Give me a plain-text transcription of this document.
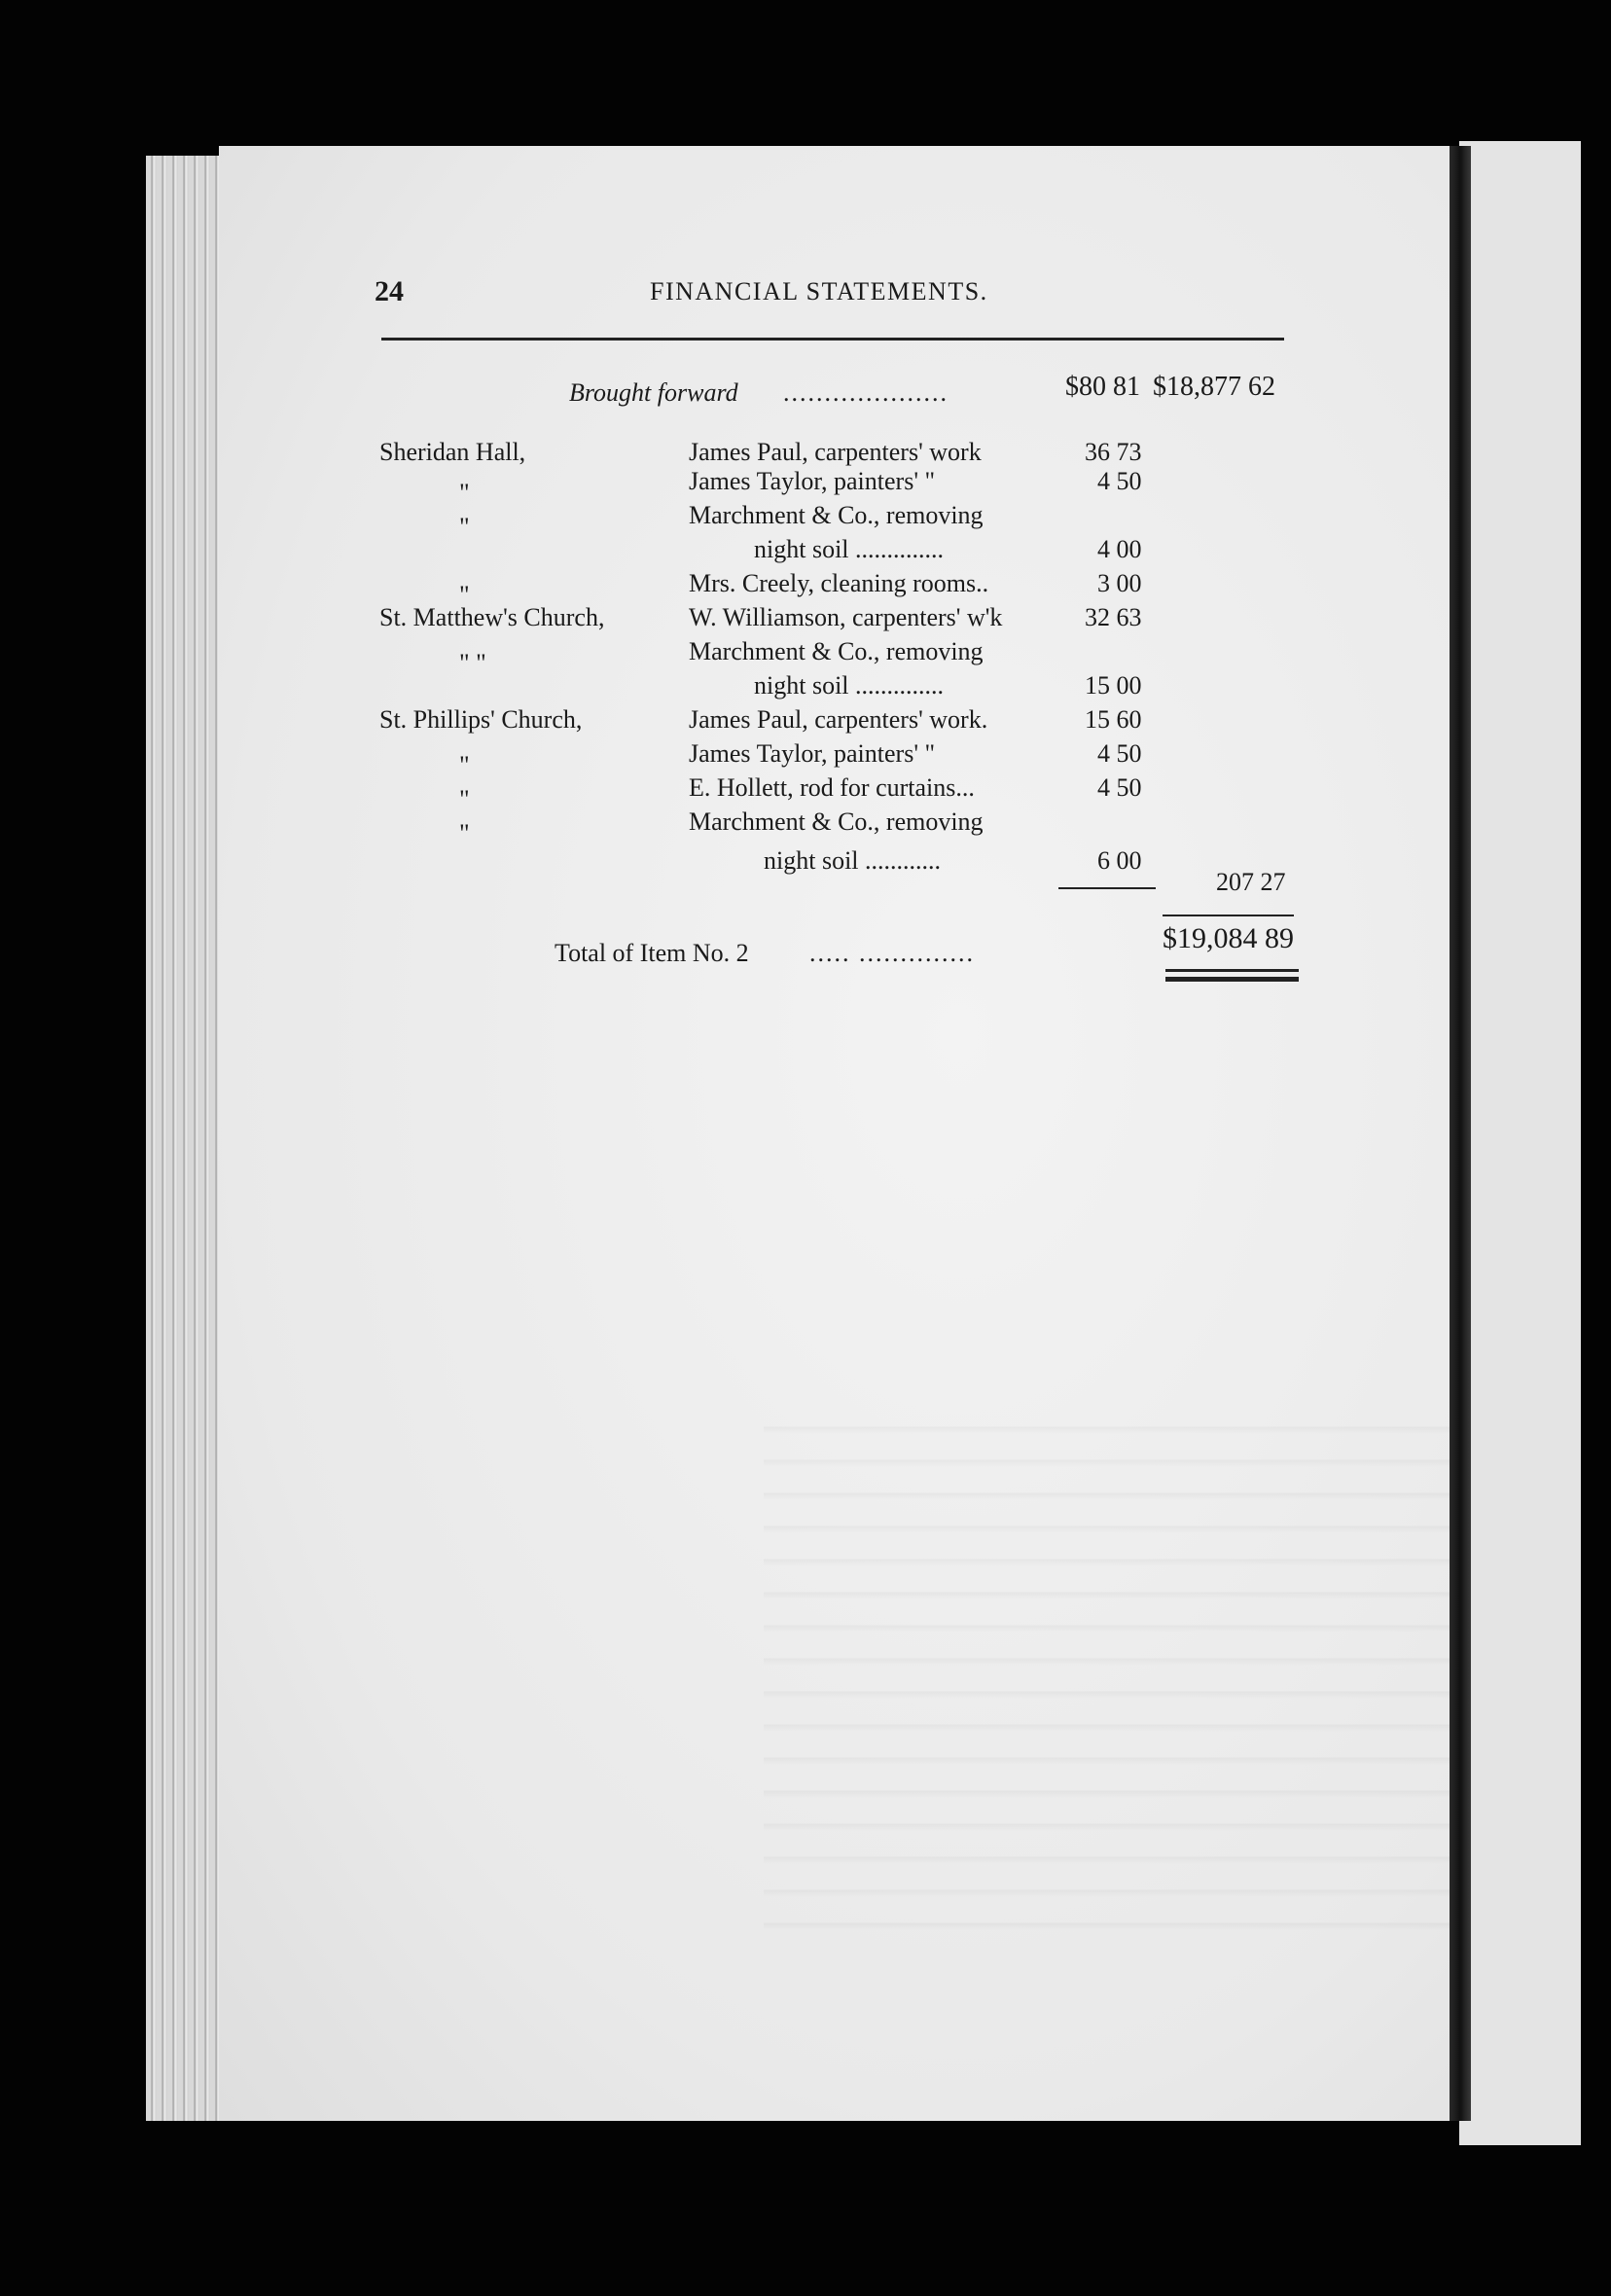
24	FINANCIAL STATEMENTS.
Brought forward ....................	$80 81 $18,877 62
Sheridan Hall,	James Paul, carpenters' work	36 73
"	James Taylor, painters' "	4 50
"	Marchment & Co., removing
night soil ..............	4 00
"	Mrs. Creely, cleaning rooms..	3 00
St. Matthew's Church,	W. Williamson, carpenters' w'k	32 63
" "	Marchment & Co., removing
night soil ..............	15 00
St. Phillips' Church,	James Paul, carpenters' work.	15 60
"	James Taylor, painters' "	4 50
"	E. Hollett, rod for curtains...	4 50
"	Marchment & Co., removing
night soil ............	6 00
207 27
Total of Item No. 2 ..... ..............	$19,084 89
